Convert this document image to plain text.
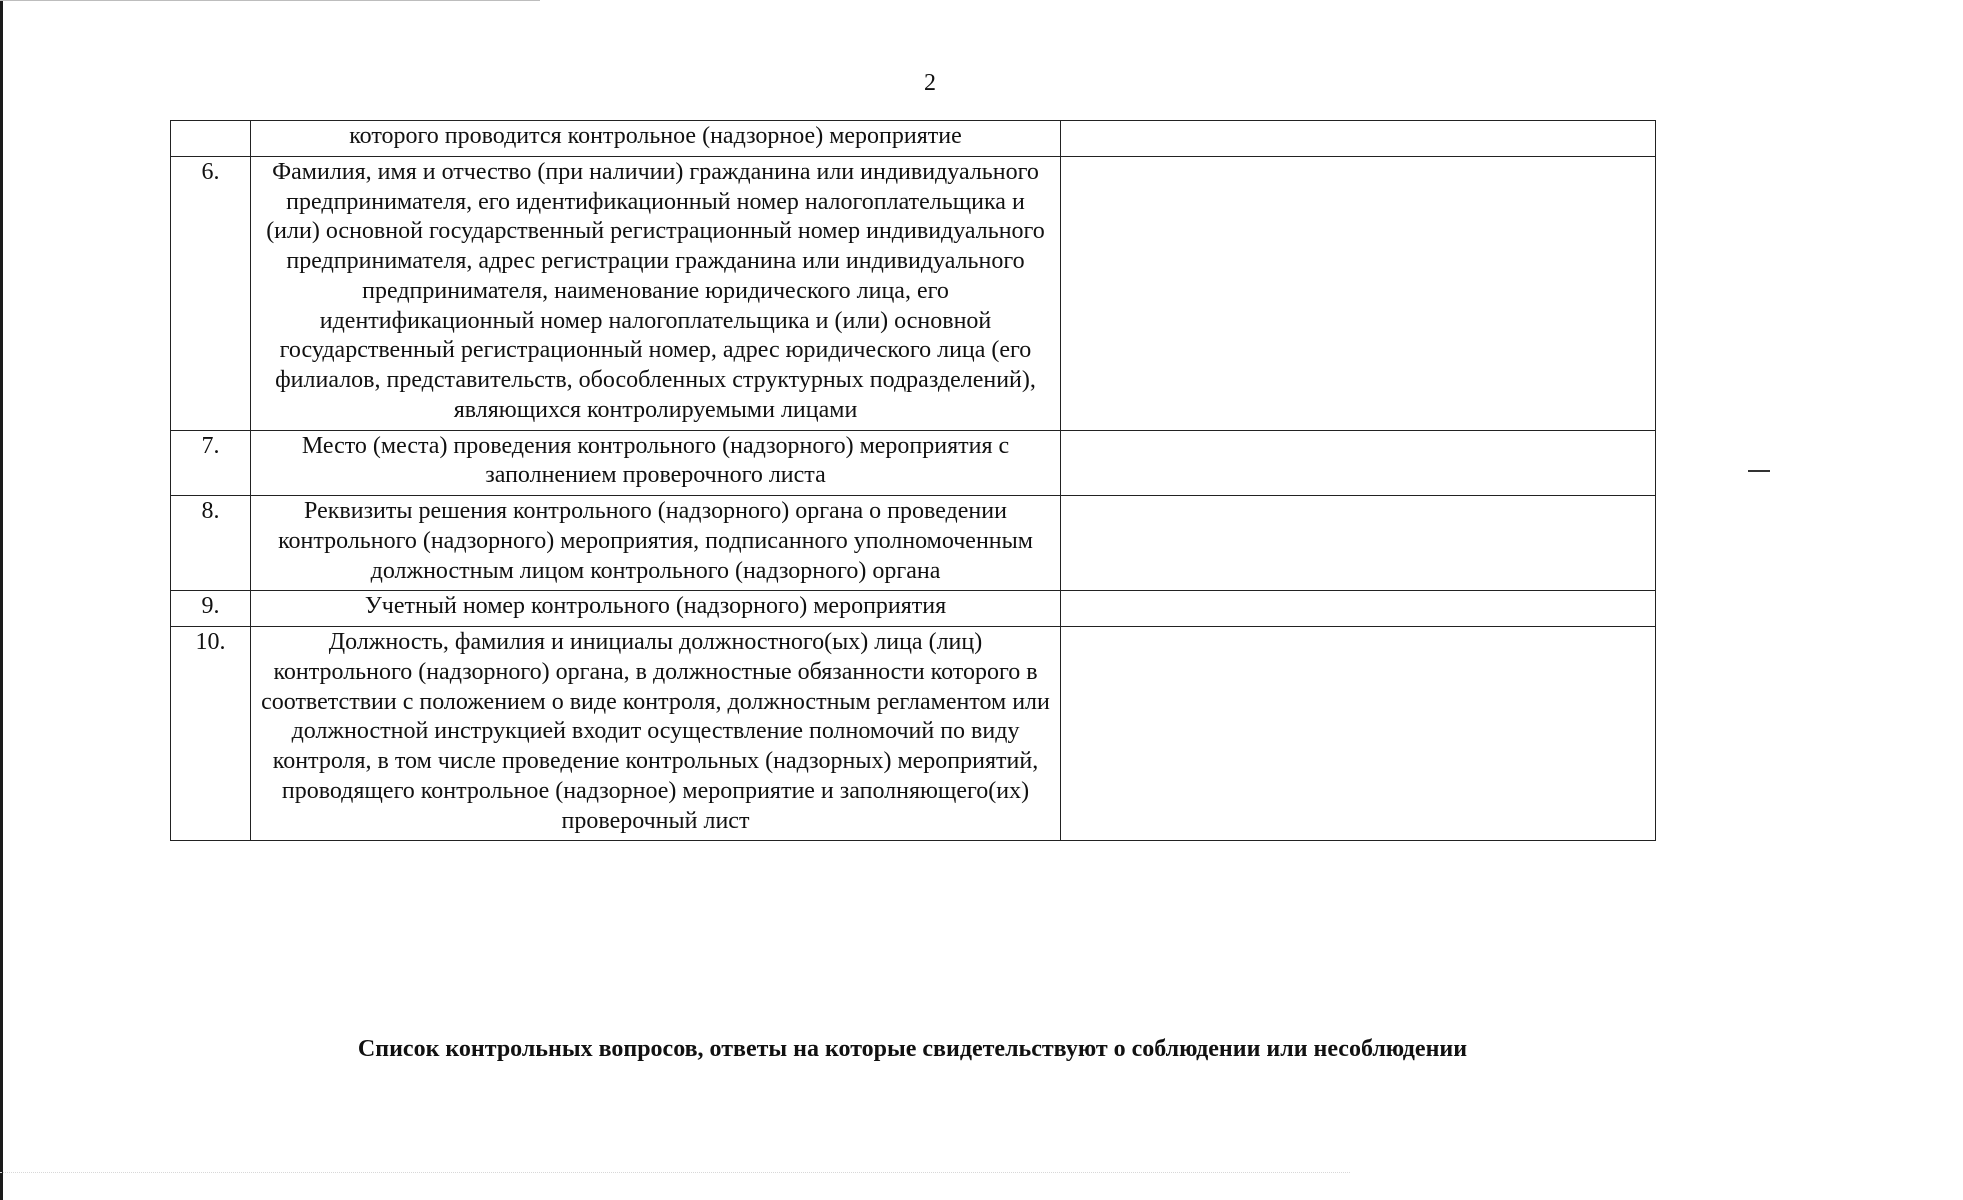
2
	которого проводится контрольное (надзорное) мероприятие	
6.	Фамилия, имя и отчество (при наличии) гражданина или индивидуального предпринимателя, его идентификационный номер налогоплательщика и (или) основной государственный регистрационный номер индивидуального предпринимателя, адрес регистрации гражданина или индивидуального предпринимателя, наименование юридического лица, его идентификационный номер налогоплательщика и (или) основной государственный регистрационный номер, адрес юридического лица (его филиалов, представительств, обособленных структурных подразделений), являющихся контролируемыми лицами	
7.	Место (места) проведения контрольного (надзорного) мероприятия с заполнением проверочного листа	
8.	Реквизиты решения контрольного (надзорного) органа о проведении контрольного (надзорного) мероприятия, подписанного уполномоченным должностным лицом контрольного (надзорного) органа	
9.	Учетный номер контрольного (надзорного) мероприятия	
10.	Должность, фамилия и инициалы должностного(ых) лица (лиц) контрольного (надзорного) органа, в должностные обязанности которого в соответствии с положением о виде контроля, должностным регламентом или должностной инструкцией входит осуществление полномочий по виду контроля, в том числе проведение контрольных (надзорных) мероприятий, проводящего контрольное (надзорное) мероприятие и заполняющего(их) проверочный лист	
Список контрольных вопросов, ответы на которые свидетельствуют о соблюдении или несоблюдении
